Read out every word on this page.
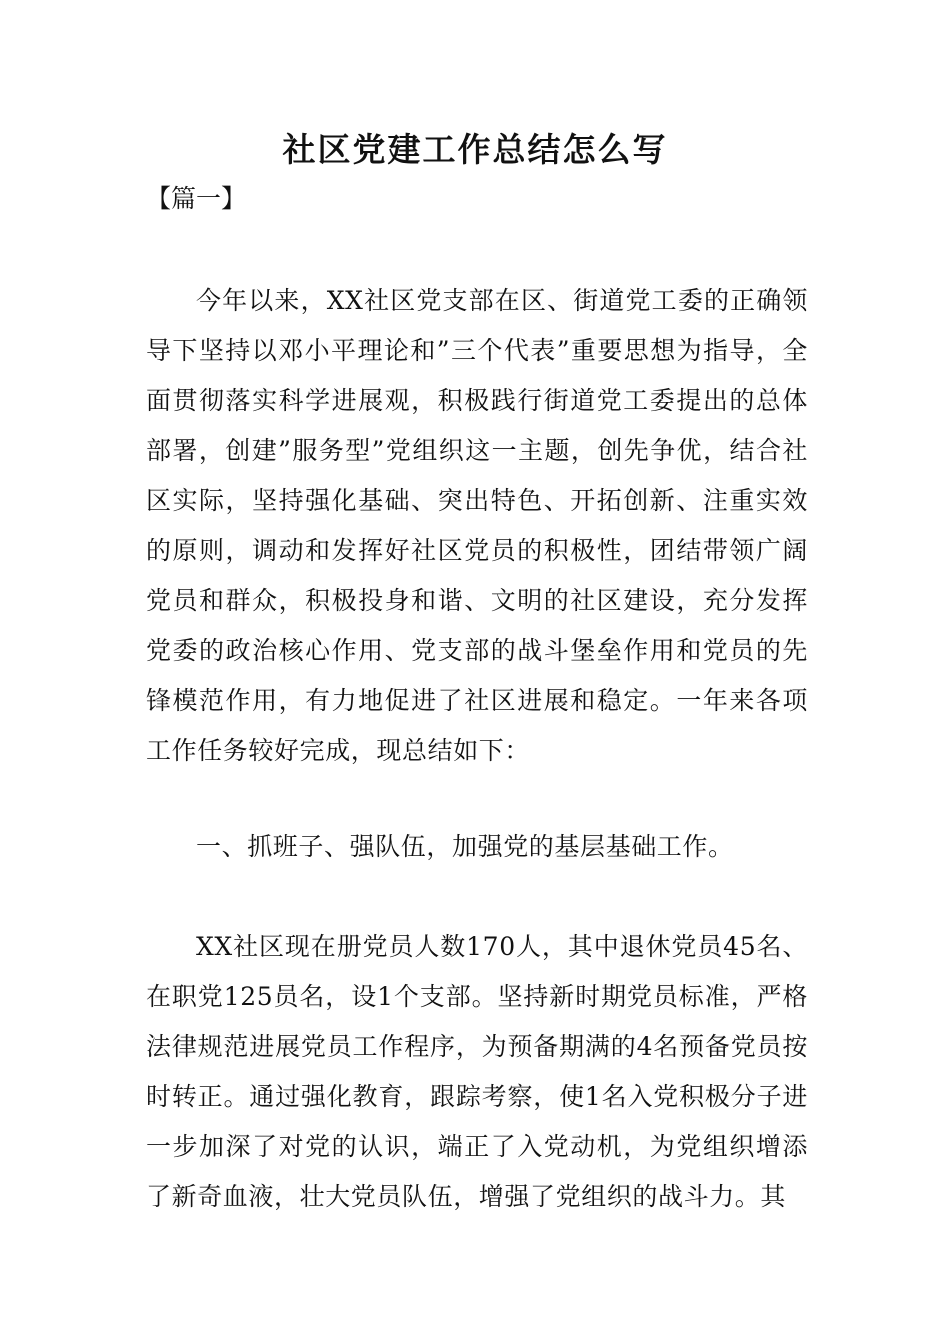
社区党建工作总结怎么写

【篇一】

今年以来，XX社区党支部在区、街道党工委的正确领导下坚持以邓小平理论和”三个代表”重要思想为指导，全面贯彻落实科学进展观，积极践行街道党工委提出的总体部署，创建”服务型”党组织这一主题，创先争优，结合社区实际，坚持强化基础、突出特色、开拓创新、注重实效的原则，调动和发挥好社区党员的积极性，团结带领广阔党员和群众，积极投身和谐、文明的社区建设，充分发挥党委的政治核心作用、党支部的战斗堡垒作用和党员的先锋模范作用，有力地促进了社区进展和稳定。一年来各项工作任务较好完成，现总结如下：

一、抓班子、强队伍，加强党的基层基础工作。

XX社区现在册党员人数170人，其中退休党员45名、在职党125员名，设1个支部。坚持新时期党员标准，严格法律规范进展党员工作程序，为预备期满的4名预备党员按时转正。通过强化教育，跟踪考察，使1名入党积极分子进一步加深了对党的认识，端正了入党动机，为党组织增添了新奇血液，壮大党员队伍，增强了党组织的战斗力。其
